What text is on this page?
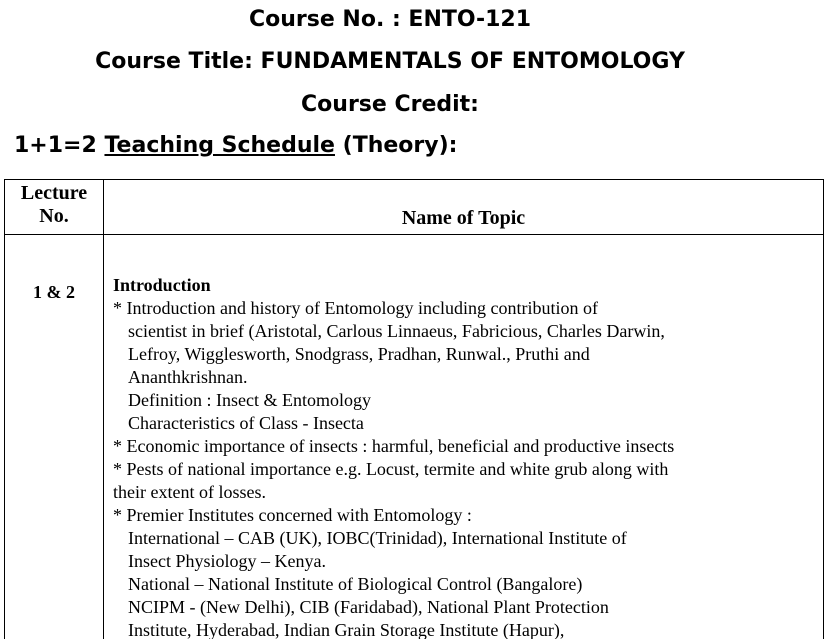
Course No. : ENTO-121
Course Title: FUNDAMENTALS OF ENTOMOLOGY
Course Credit:
1+1=2 Teaching Schedule (Theory):
Lecture
No.	Name of Topic
1 & 2	Introduction
* Introduction and history of Entomology including contribution of
scientist in brief (Aristotal, Carlous Linnaeus, Fabricious, Charles Darwin,
Lefroy, Wigglesworth, Snodgrass, Pradhan, Runwal., Pruthi and
Ananthkrishnan.
Definition : Insect & Entomology
Characteristics of Class - Insecta
* Economic importance of insects : harmful, beneficial and productive insects
* Pests of national importance e.g. Locust, termite and white grub along with
their extent of losses.
* Premier Institutes concerned with Entomology :
International – CAB (UK), IOBC(Trinidad), International Institute of
Insect Physiology – Kenya.
National – National Institute of Biological Control (Bangalore)
NCIPM - (New Delhi), CIB (Faridabad), National Plant Protection
Institute, Hyderabad, Indian Grain Storage Institute (Hapur),
